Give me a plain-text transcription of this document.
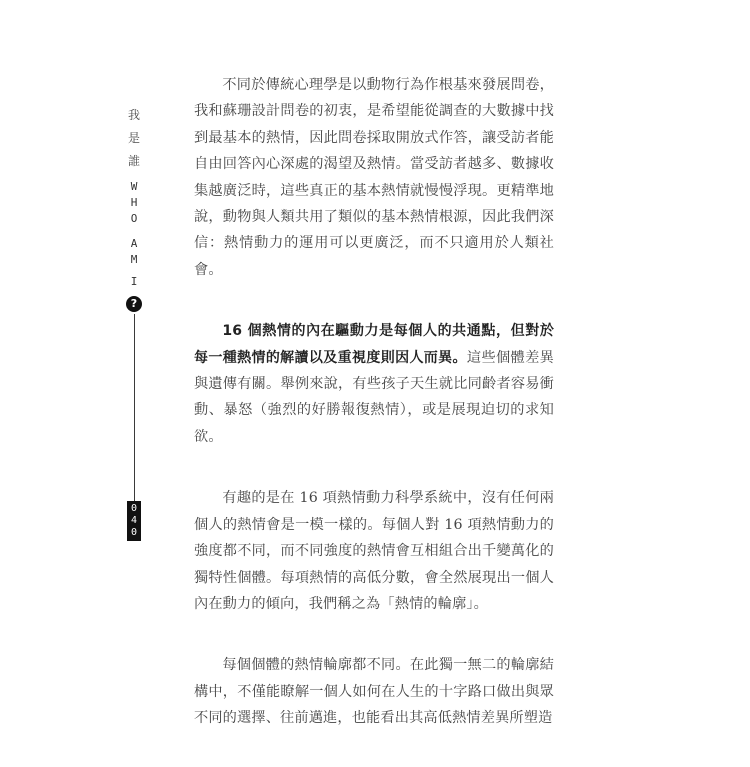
我
是
誰
W
H
O
A
M
I
?
0
4
0

不同於傳統心理學是以動物行為作根基來發展問卷，我和蘇珊設計問卷的初衷，是希望能從調查的大數據中找到最基本的熱情，因此問卷採取開放式作答，讓受訪者能自由回答內心深處的渴望及熱情。當受訪者越多、數據收集越廣泛時，這些真正的基本熱情就慢慢浮現。更精準地說，動物與人類共用了類似的基本熱情根源，因此我們深信：熱情動力的運用可以更廣泛，而不只適用於人類社會。

16 個熱情的內在驅動力是每個人的共通點，但對於每一種熱情的解讀以及重視度則因人而異。這些個體差異與遺傳有關。舉例來說，有些孩子天生就比同齡者容易衝動、暴怒（強烈的好勝報復熱情），或是展現迫切的求知欲。

有趣的是在 16 項熱情動力科學系統中，沒有任何兩個人的熱情會是一模一樣的。每個人對 16 項熱情動力的強度都不同，而不同強度的熱情會互相組合出千變萬化的獨特性個體。每項熱情的高低分數，會全然展現出一個人內在動力的傾向，我們稱之為「熱情的輪廓」。

每個個體的熱情輪廓都不同。在此獨一無二的輪廓結構中，不僅能瞭解一個人如何在人生的十字路口做出與眾不同的選擇、往前邁進，也能看出其高低熱情差異所塑造
